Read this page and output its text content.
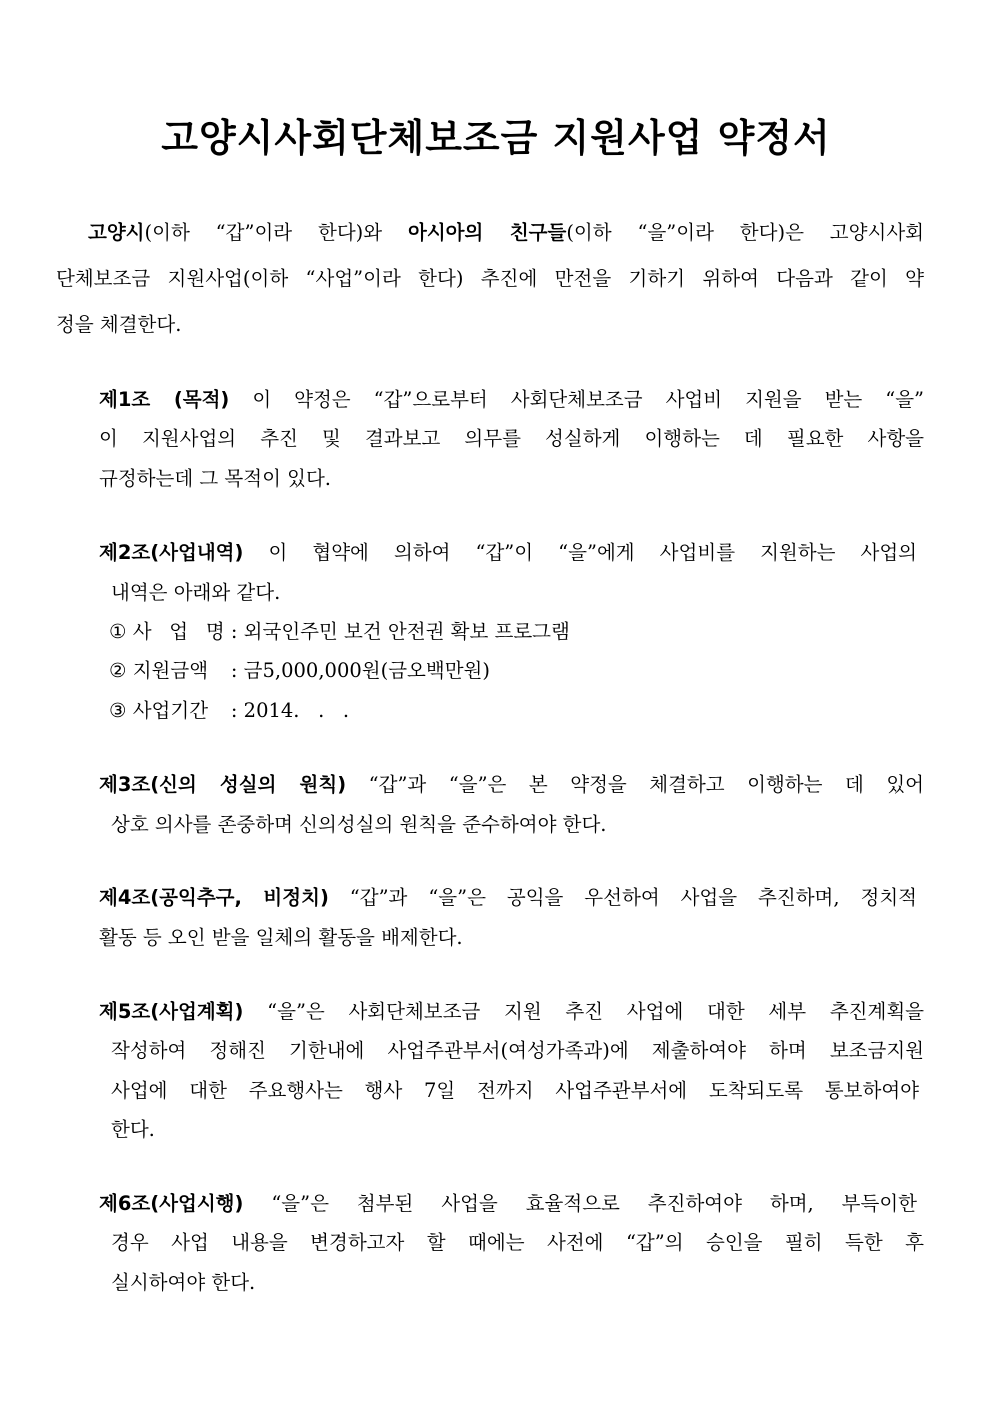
고양시사회단체보조금 지원사업 약정서
고양시(이하 “갑”이라 한다)와 아시아의 친구들(이하 “을”이라 한다)은 고양시사회
단체보조금 지원사업(이하 “사업”이라 한다) 추진에 만전을 기하기 위하여 다음과 같이 약
정을 체결한다.
제1조 (목적) 이 약정은 “갑”으로부터 사회단체보조금 사업비 지원을 받는 “을”
이 지원사업의 추진 및 결과보고 의무를 성실하게 이행하는 데 필요한 사항을
규정하는데 그 목적이 있다.
제2조(사업내역) 이 협약에 의하여 “갑”이 “을”에게 사업비를 지원하는 사업의
내역은 아래와 같다.
① 사 업 명 : 외국인주민 보건 안전권 확보 프로그램
② 지원금액 : 금5,000,000원(금오백만원)
③ 사업기간 : 2014.   .   .
제3조(신의 성실의 원칙) “갑”과 “을”은 본 약정을 체결하고 이행하는 데 있어
상호 의사를 존중하며 신의성실의 원칙을 준수하여야 한다.
제4조(공익추구, 비정치) “갑”과 “을”은 공익을 우선하여 사업을 추진하며, 정치적
활동 등 오인 받을 일체의 활동을 배제한다.
제5조(사업계획) “을”은 사회단체보조금 지원 추진 사업에 대한 세부 추진계획을
작성하여 정해진 기한내에 사업주관부서(여성가족과)에 제출하여야 하며 보조금지원
사업에 대한 주요행사는 행사 7일 전까지 사업주관부서에 도착되도록 통보하여야
한다.
제6조(사업시행) “을”은 첨부된 사업을 효율적으로 추진하여야 하며, 부득이한
경우 사업 내용을 변경하고자 할 때에는 사전에 “갑”의 승인을 필히 득한 후
실시하여야 한다.
